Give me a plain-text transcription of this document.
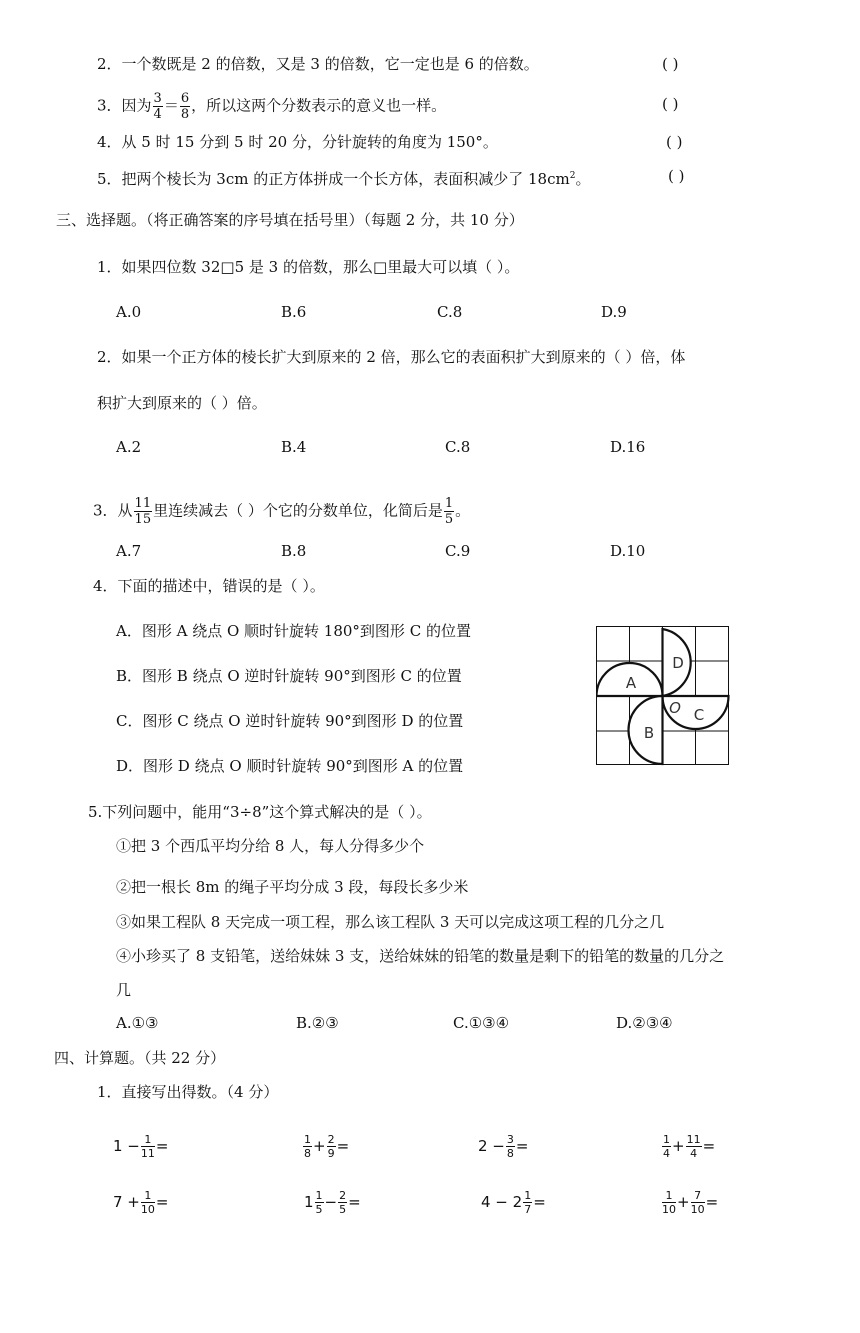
2．一个数既是 2 的倍数，又是 3 的倍数，它一定也是 6 的倍数。	( )
3．因为 $\frac{3}{4} = \frac{6}{8}$ ，所以这两个分数表示的意义也一样。	( )
4．从 5 时 15 分到 5 时 20 分，分针旋转的角度为 150°。	( )
5．把两个棱长为 3cm 的正方体拼成一个长方体，表面积减少了 $18cm^2$。	( )
三、选择题。（将正确答案的序号填在括号里）（每题 2 分，共 10 分）
1．如果四位数 32□5 是 3 的倍数，那么□里最大可以填（ ）。
A.0	B.6	C.8	D.9
2．如果一个正方体的棱长扩大到原来的 2 倍，那么它的表面积扩大到原来的（ ）倍，体
积扩大到原来的（ ）倍。
A.2	B.4	C.8	D.16
3．从 $\frac{11}{15}$ 里连续减去（ ）个它的分数单位，化简后是 $\frac{1}{5}$ 。
A.7	B.8	C.9	D.10
4．下面的描述中，错误的是（ ）。
A．图形 A 绕点 O 顺时针旋转 180°到图形 C 的位置
B．图形 B 绕点 O 逆时针旋转 90°到图形 C 的位置
C．图形 C 绕点 O 逆时针旋转 90°到图形 D 的位置
D．图形 D 绕点 O 顺时针旋转 90°到图形 A 的位置
A
B
C
D
O
5.下列问题中，能用“3÷8”这个算式解决的是（ ）。
①把 3 个西瓜平均分给 8 人，每人分得多少个
②把一根长 8m 的绳子平均分成 3 段，每段长多少米
③如果工程队 8 天完成一项工程，那么该工程队 3 天可以完成这项工程的几分之几
④小珍买了 8 支铅笔，送给妹妹 3 支，送给妹妹的铅笔的数量是剩下的铅笔的数量的几分之
几
A.①③	B.②③	C.①③④	D.②③④
四、计算题。（共 22 分）
1．直接写出得数。（4 分）
$1 - \frac{1}{11}$ =	$\frac{1}{8} + \frac{2}{9}$ =	$2 - \frac{3}{8}$ =	$\frac{1}{4} + \frac{11}{4}$ =
$7 + \frac{1}{10}$ =	$1 \frac{1}{5} - \frac{2}{5}$ =	$4 - 2 \frac{1}{7}$ =	$\frac{1}{10} + \frac{7}{10}$ =
